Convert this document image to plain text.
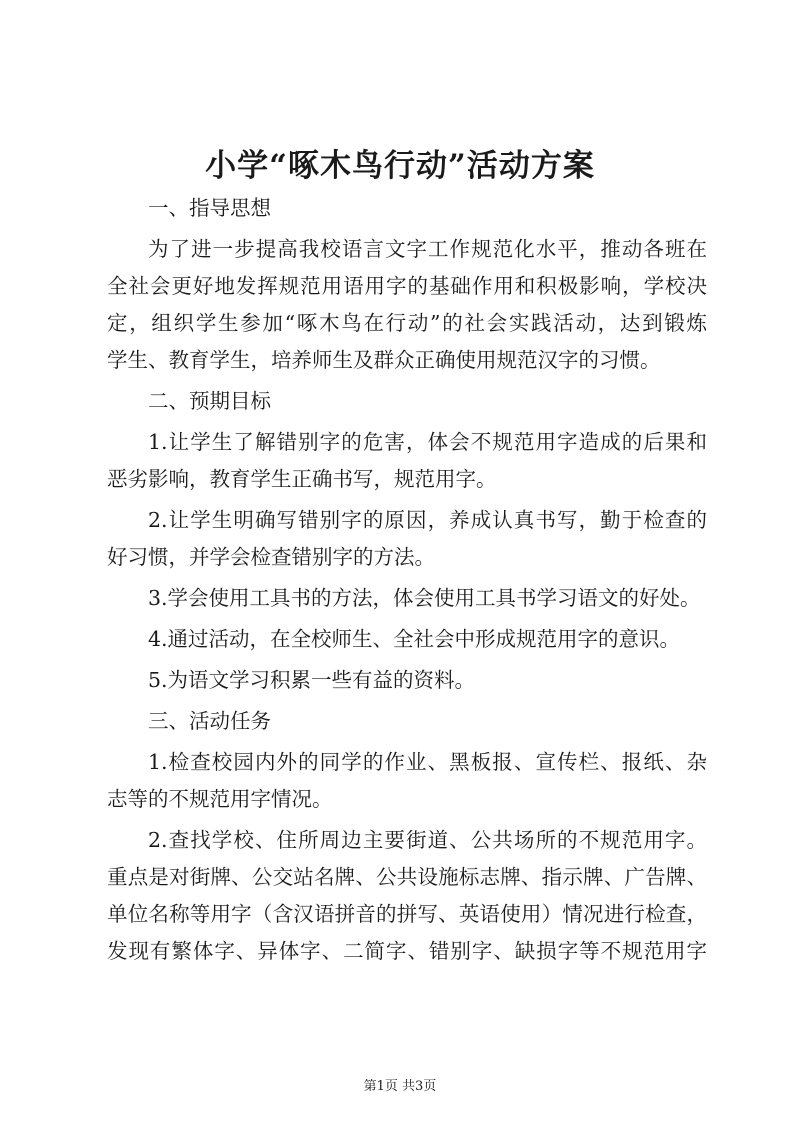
小学“啄木鸟行动”活动方案
一、指导思想
为了进一步提高我校语言文字工作规范化水平，推动各班在
全社会更好地发挥规范用语用字的基础作用和积极影响，学校决
定，组织学生参加“啄木鸟在行动”的社会实践活动，达到锻炼
学生、教育学生，培养师生及群众正确使用规范汉字的习惯。
二、预期目标
1.让学生了解错别字的危害，体会不规范用字造成的后果和
恶劣影响，教育学生正确书写，规范用字。
2.让学生明确写错别字的原因，养成认真书写，勤于检查的
好习惯，并学会检查错别字的方法。
3.学会使用工具书的方法，体会使用工具书学习语文的好处。
4.通过活动，在全校师生、全社会中形成规范用字的意识。
5.为语文学习积累一些有益的资料。
三、活动任务
1.检查校园内外的同学的作业、黑板报、宣传栏、报纸、杂
志等的不规范用字情况。
2.查找学校、住所周边主要街道、公共场所的不规范用字。
重点是对街牌、公交站名牌、公共设施标志牌、指示牌、广告牌、
单位名称等用字（含汉语拼音的拼写、英语使用）情况进行检查，
发现有繁体字、异体字、二简字、错别字、缺损字等不规范用字
第1页 共3页
